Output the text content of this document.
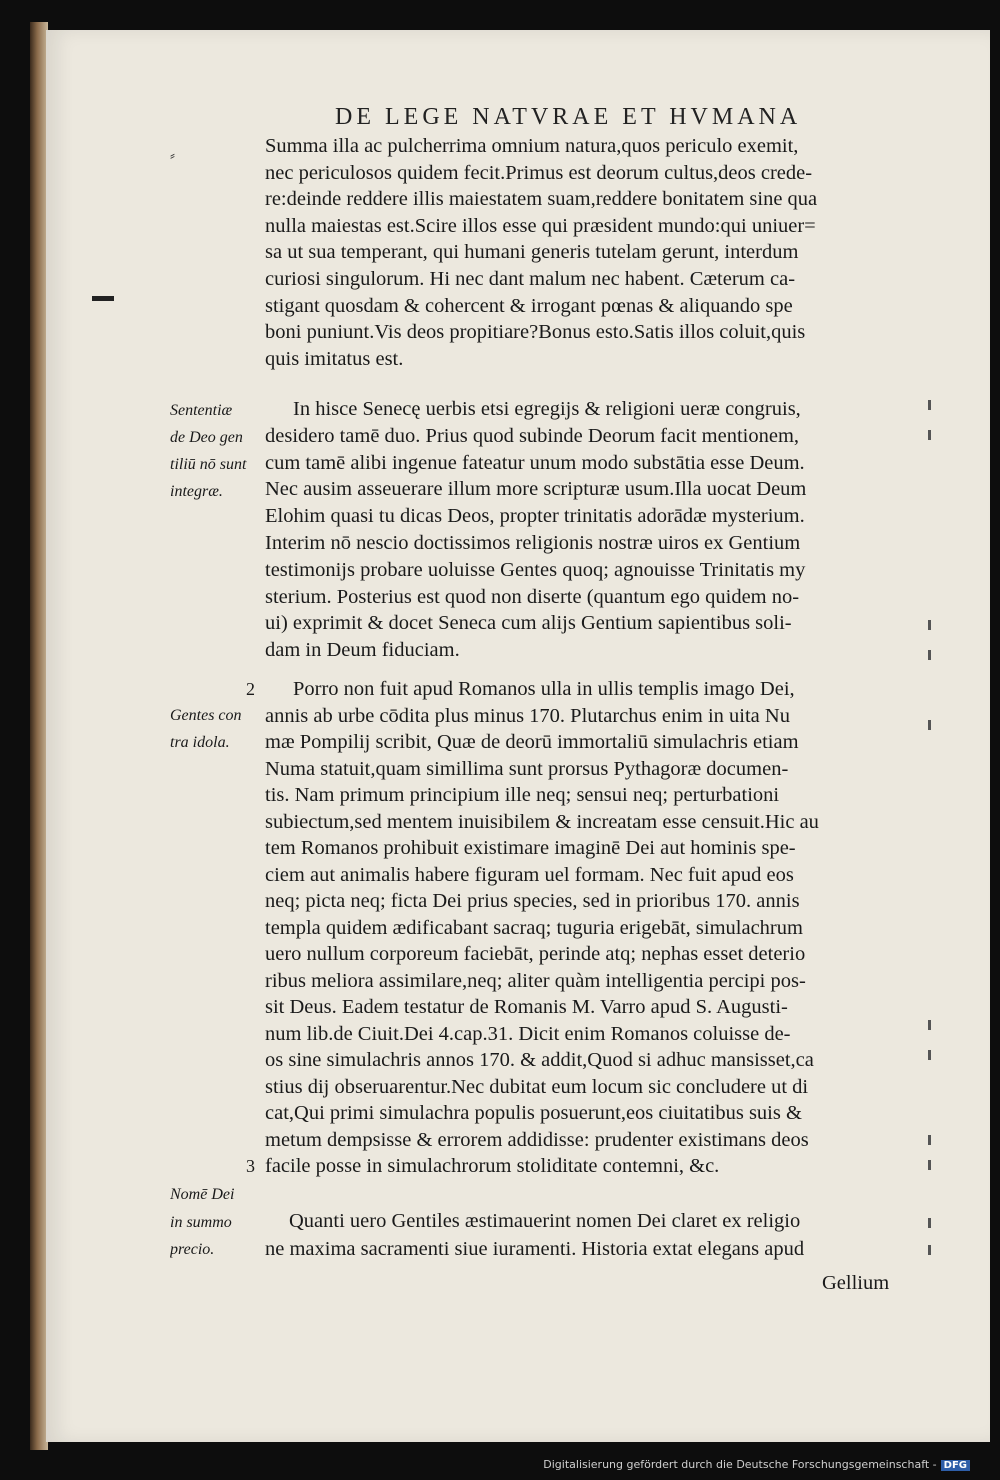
DE LEGE NATVRAE ET HVMANA
⸗	Summa illa ac pulcherrima omnium natura,quos periculo exemit,
nec periculosos quidem fecit.Primus est deorum cultus,deos crede-
re:deinde reddere illis maiestatem suam,reddere bonitatem sine qua
nulla maiestas est.Scire illos esse qui præsident mundo:qui uniuer=
sa ut sua temperant, qui humani generis tutelam gerunt, interdum
curiosi singulorum. Hi nec dant malum nec habent. Cæterum ca-
stigant quosdam & cohercent & irrogant pœnas & aliquando spe
boni puniunt.Vis deos propitiare?Bonus esto.Satis illos coluit,quis
quis imitatus est.
In hisce Senecę uerbis etsi egregijs & religioni ueræ congruis,
desidero tamē duo. Prius quod subinde Deorum facit mentionem,
cum tamē alibi ingenue fateatur unum modo substātia esse Deum.
Nec ausim asseuerare illum more scripturæ usum.Illa uocat Deum
Elohim quasi tu dicas Deos, propter trinitatis adorādæ mysterium.
Interim nō nescio doctissimos religionis nostræ uiros ex Gentium
testimonijs probare uoluisse Gentes quoq; agnouisse Trinitatis my
sterium. Posterius est quod non diserte (quantum ego quidem no-
ui) exprimit & docet Seneca cum alijs Gentium sapientibus soli-
dam in Deum fiduciam.
Porro non fuit apud Romanos ulla in ullis templis imago Dei,
annis ab urbe cōdita plus minus 170. Plutarchus enim in uita Nu
mæ Pompilij scribit, Quæ de deorū immortaliū simulachris etiam
Numa statuit,quam simillima sunt prorsus Pythagoræ documen-
tis. Nam primum principium ille neq; sensui neq; perturbationi
subiectum,sed mentem inuisibilem & increatam esse censuit.Hic au
tem Romanos prohibuit existimare imaginē Dei aut hominis spe-
ciem aut animalis habere figuram uel formam. Nec fuit apud eos
neq; picta neq; ficta Dei prius species, sed in prioribus 170. annis
templa quidem ædificabant sacraq; tuguria erigebāt, simulachrum
uero nullum corporeum faciebāt, perinde atq; nephas esset deterio
ribus meliora assimilare,neq; aliter quàm intelligentia percipi pos-
sit Deus. Eadem testatur de Romanis M. Varro apud S. Augusti-
num lib.de Ciuit.Dei 4.cap.31. Dicit enim Romanos coluisse de-
os sine simulachris annos 170. & addit,Quod si adhuc mansisset,ca
stius dij obseruarentur.Nec dubitat eum locum sic concludere ut di
cat,Qui primi simulachra populis posuerunt,eos ciuitatibus suis &
metum dempsisse & errorem addidisse: prudenter existimans deos
facile posse in simulachrorum stoliditate contemni, &c.
Quanti uero Gentiles æstimauerint nomen Dei claret ex religio
ne maxima sacramenti siue iuramenti. Historia extat elegans apud
Sententiæ
de Deo gen
tiliū nō sunt
integræ.
Gentes con
tra idola.
Nomē Dei
in summo
precio.
2
3
Gellium
Digitalisierung gefördert durch die Deutsche Forschungsgemeinschaft - DFG
